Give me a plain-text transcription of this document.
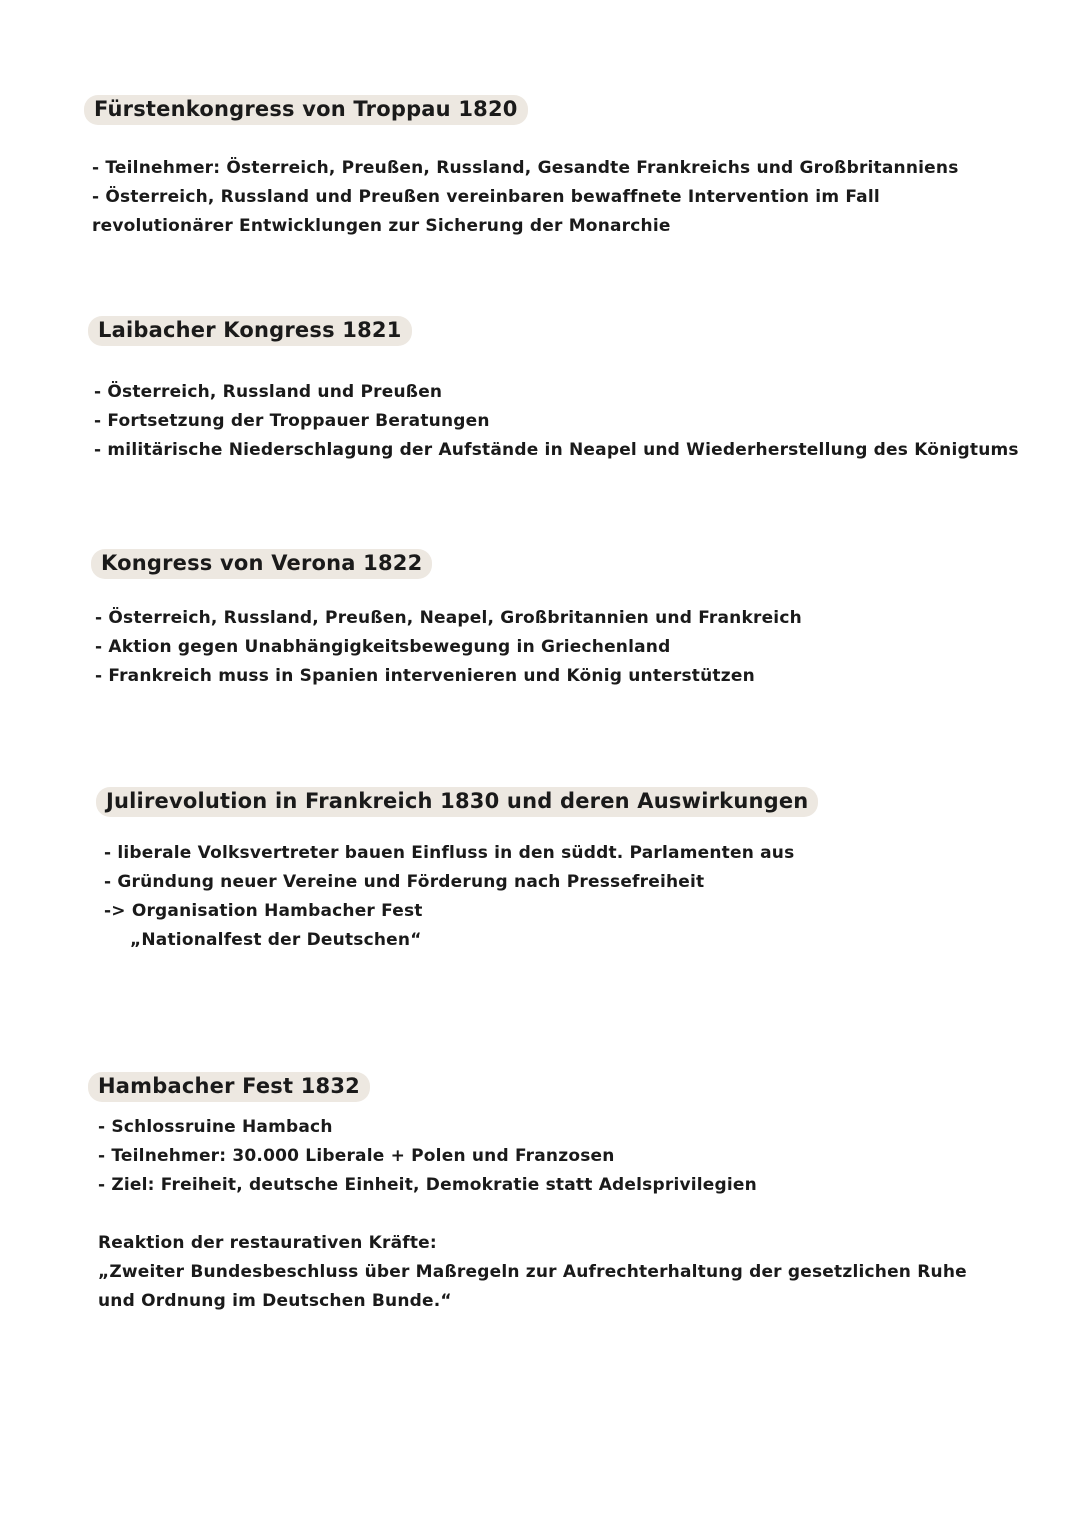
Fürstenkongress von Troppau 1820
- Teilnehmer: Österreich, Preußen, Russland, Gesandte Frankreichs und Großbritanniens
- Österreich, Russland und Preußen vereinbaren bewaffnete Intervention im Fall revolutionärer Entwicklungen zur Sicherung der Monarchie
Laibacher Kongress 1821
- Österreich, Russland und Preußen
- Fortsetzung der Troppauer Beratungen
- militärische Niederschlagung der Aufstände in Neapel und Wiederherstellung des Königtums
Kongress von Verona 1822
- Österreich, Russland, Preußen, Neapel, Großbritannien und Frankreich
- Aktion gegen Unabhängigkeitsbewegung in Griechenland
- Frankreich muss in Spanien intervenieren und König unterstützen
Julirevolution in Frankreich 1830 und deren Auswirkungen
- liberale Volksvertreter bauen Einfluss in den süddt. Parlamenten aus
- Gründung neuer Vereine und Förderung nach Pressefreiheit
-> Organisation Hambacher Fest
„Nationalfest der Deutschen“
Hambacher Fest 1832
- Schlossruine Hambach
- Teilnehmer: 30.000 Liberale + Polen und Franzosen
- Ziel: Freiheit, deutsche Einheit, Demokratie statt Adelsprivilegien
Reaktion der restaurativen Kräfte:
„Zweiter Bundesbeschluss über Maßregeln zur Aufrechterhaltung der gesetzlichen Ruhe und Ordnung im Deutschen Bunde.“
